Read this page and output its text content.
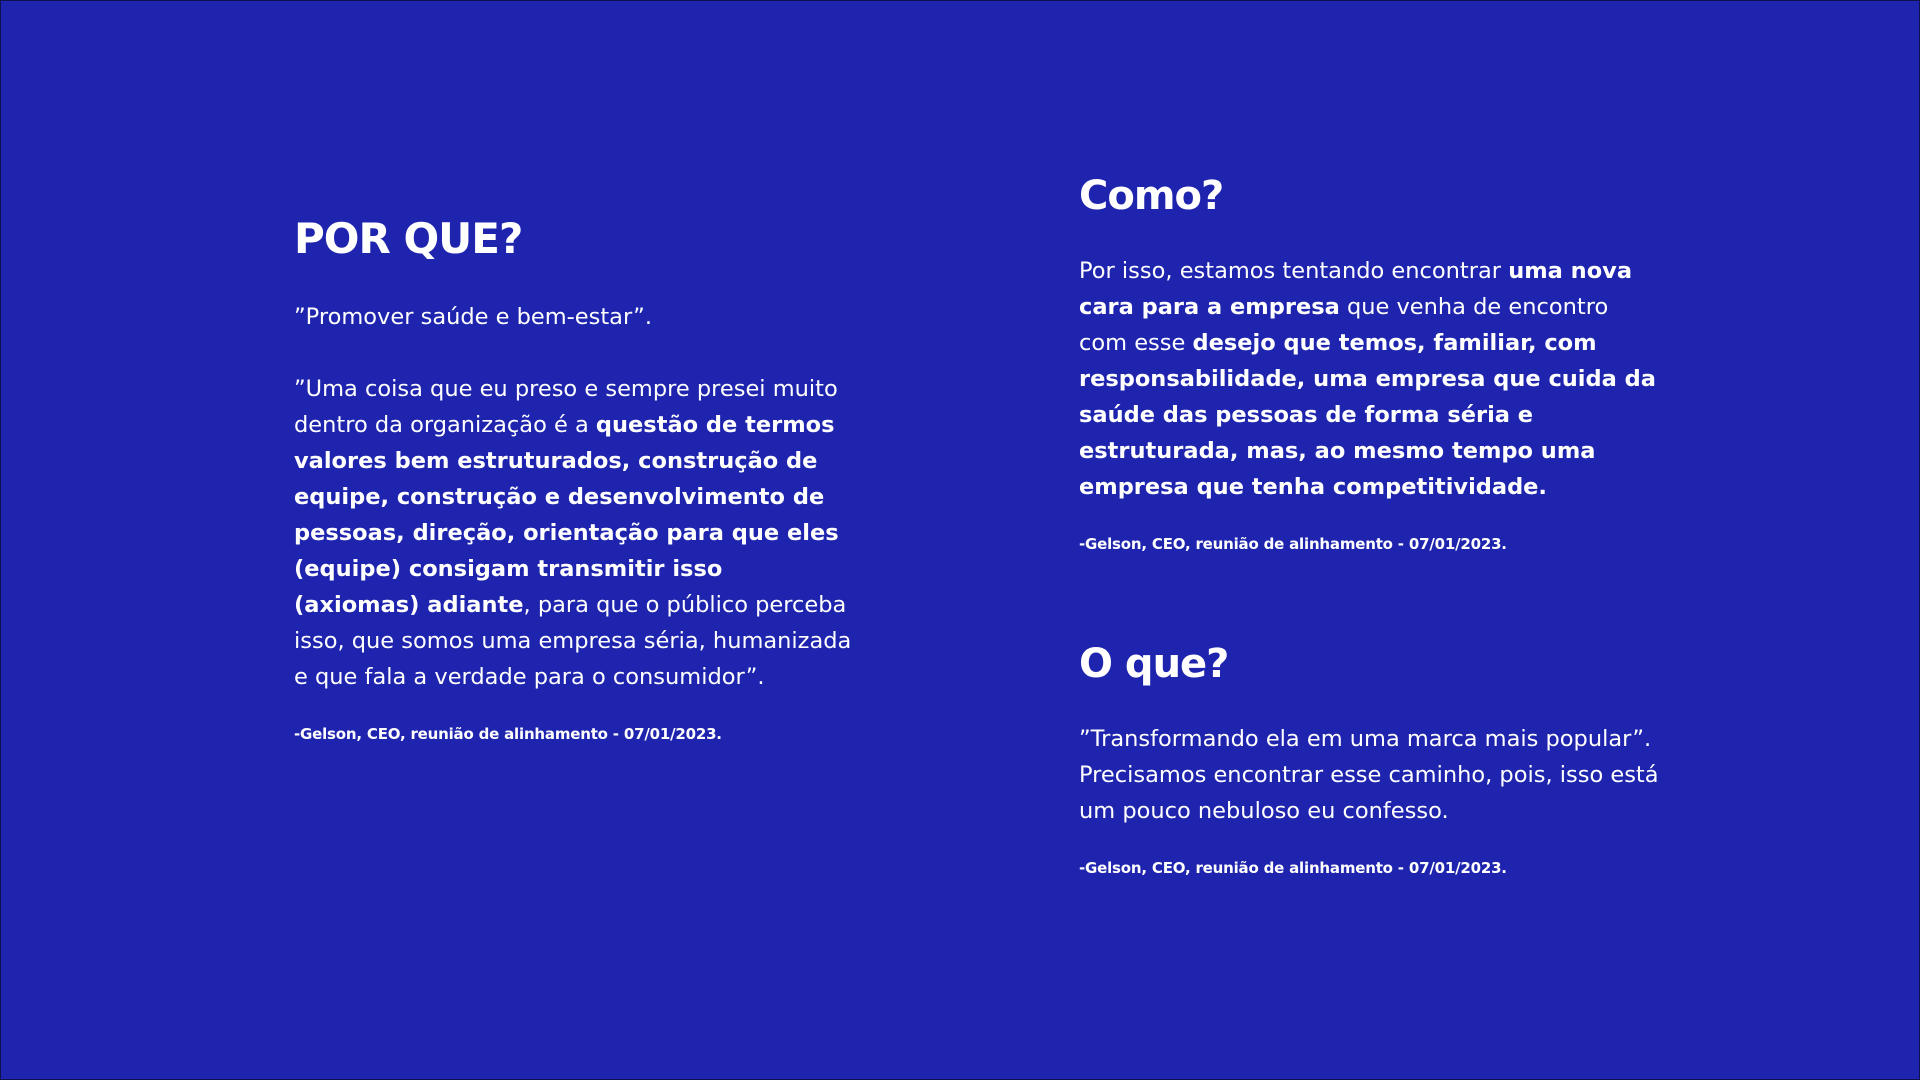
POR QUE?

”Promover saúde e bem-estar”.

”Uma coisa que eu preso e sempre presei muito dentro da organização é a questão de termos valores bem estruturados, construção de equipe, construção e desenvolvimento de pessoas, direção, orientação para que eles (equipe) consigam transmitir isso (axiomas) adiante, para que o público perceba isso, que somos uma empresa séria, humanizada e que fala a verdade para o consumidor”.

-Gelson, CEO, reunião de alinhamento - 07/01/2023.
Como?

Por isso, estamos tentando encontrar uma nova cara para a empresa que venha de encontro com esse desejo que temos, familiar, com responsabilidade, uma empresa que cuida da saúde das pessoas de forma séria e estruturada, mas, ao mesmo tempo uma empresa que tenha competitividade.

-Gelson, CEO, reunião de alinhamento - 07/01/2023.
O que?

”Transformando ela em uma marca mais popular”. Precisamos encontrar esse caminho, pois, isso está um pouco nebuloso eu confesso.

-Gelson, CEO, reunião de alinhamento - 07/01/2023.
